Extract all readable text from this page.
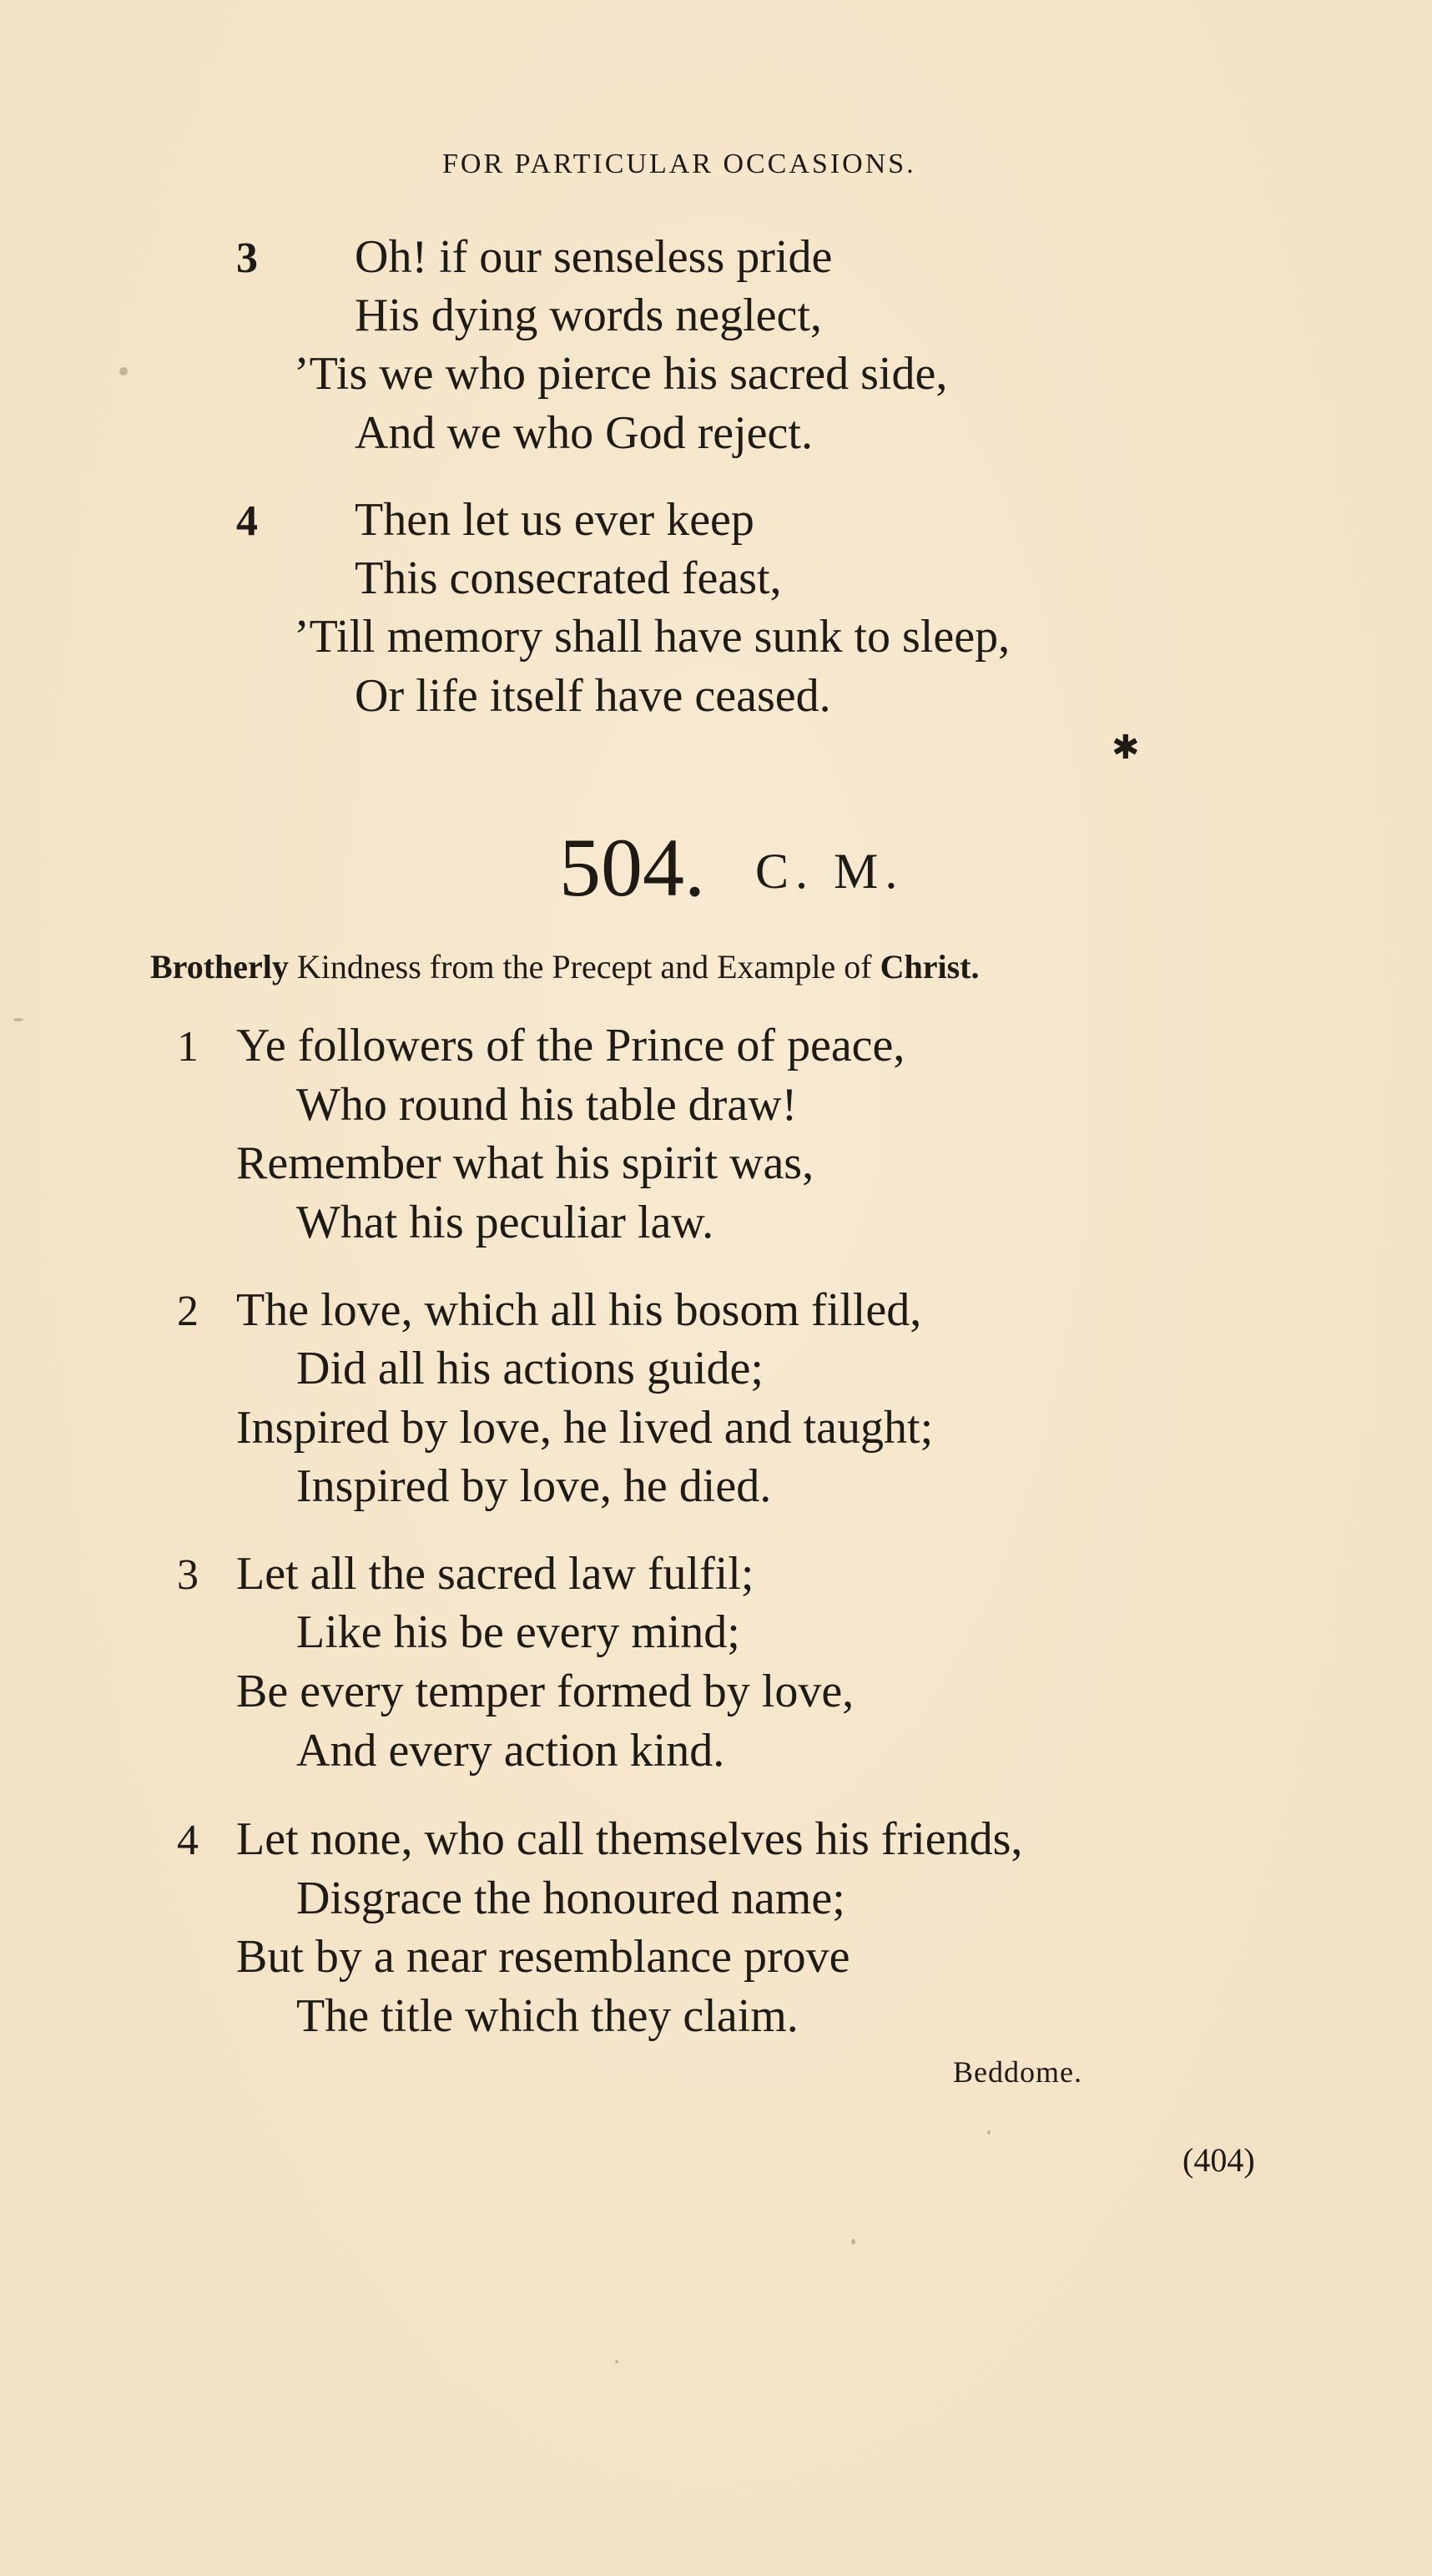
FOR PARTICULAR OCCASIONS.
3 Oh! if our senseless pride
His dying words neglect,
’Tis we who pierce his sacred side,
And we who God reject.
4 Then let us ever keep
This consecrated feast,
’Till memory shall have sunk to sleep,
Or life itself have ceased.
✱
504. C. M.
Brotherly Kindness from the Precept and Example of Christ.
1 Ye followers of the Prince of peace,
Who round his table draw!
Remember what his spirit was,
What his peculiar law.
2 The love, which all his bosom filled,
Did all his actions guide;
Inspired by love, he lived and taught;
Inspired by love, he died.
3 Let all the sacred law fulfil;
Like his be every mind;
Be every temper formed by love,
And every action kind.
4 Let none, who call themselves his friends,
Disgrace the honoured name;
But by a near resemblance prove
The title which they claim.
Beddome.
(404)
